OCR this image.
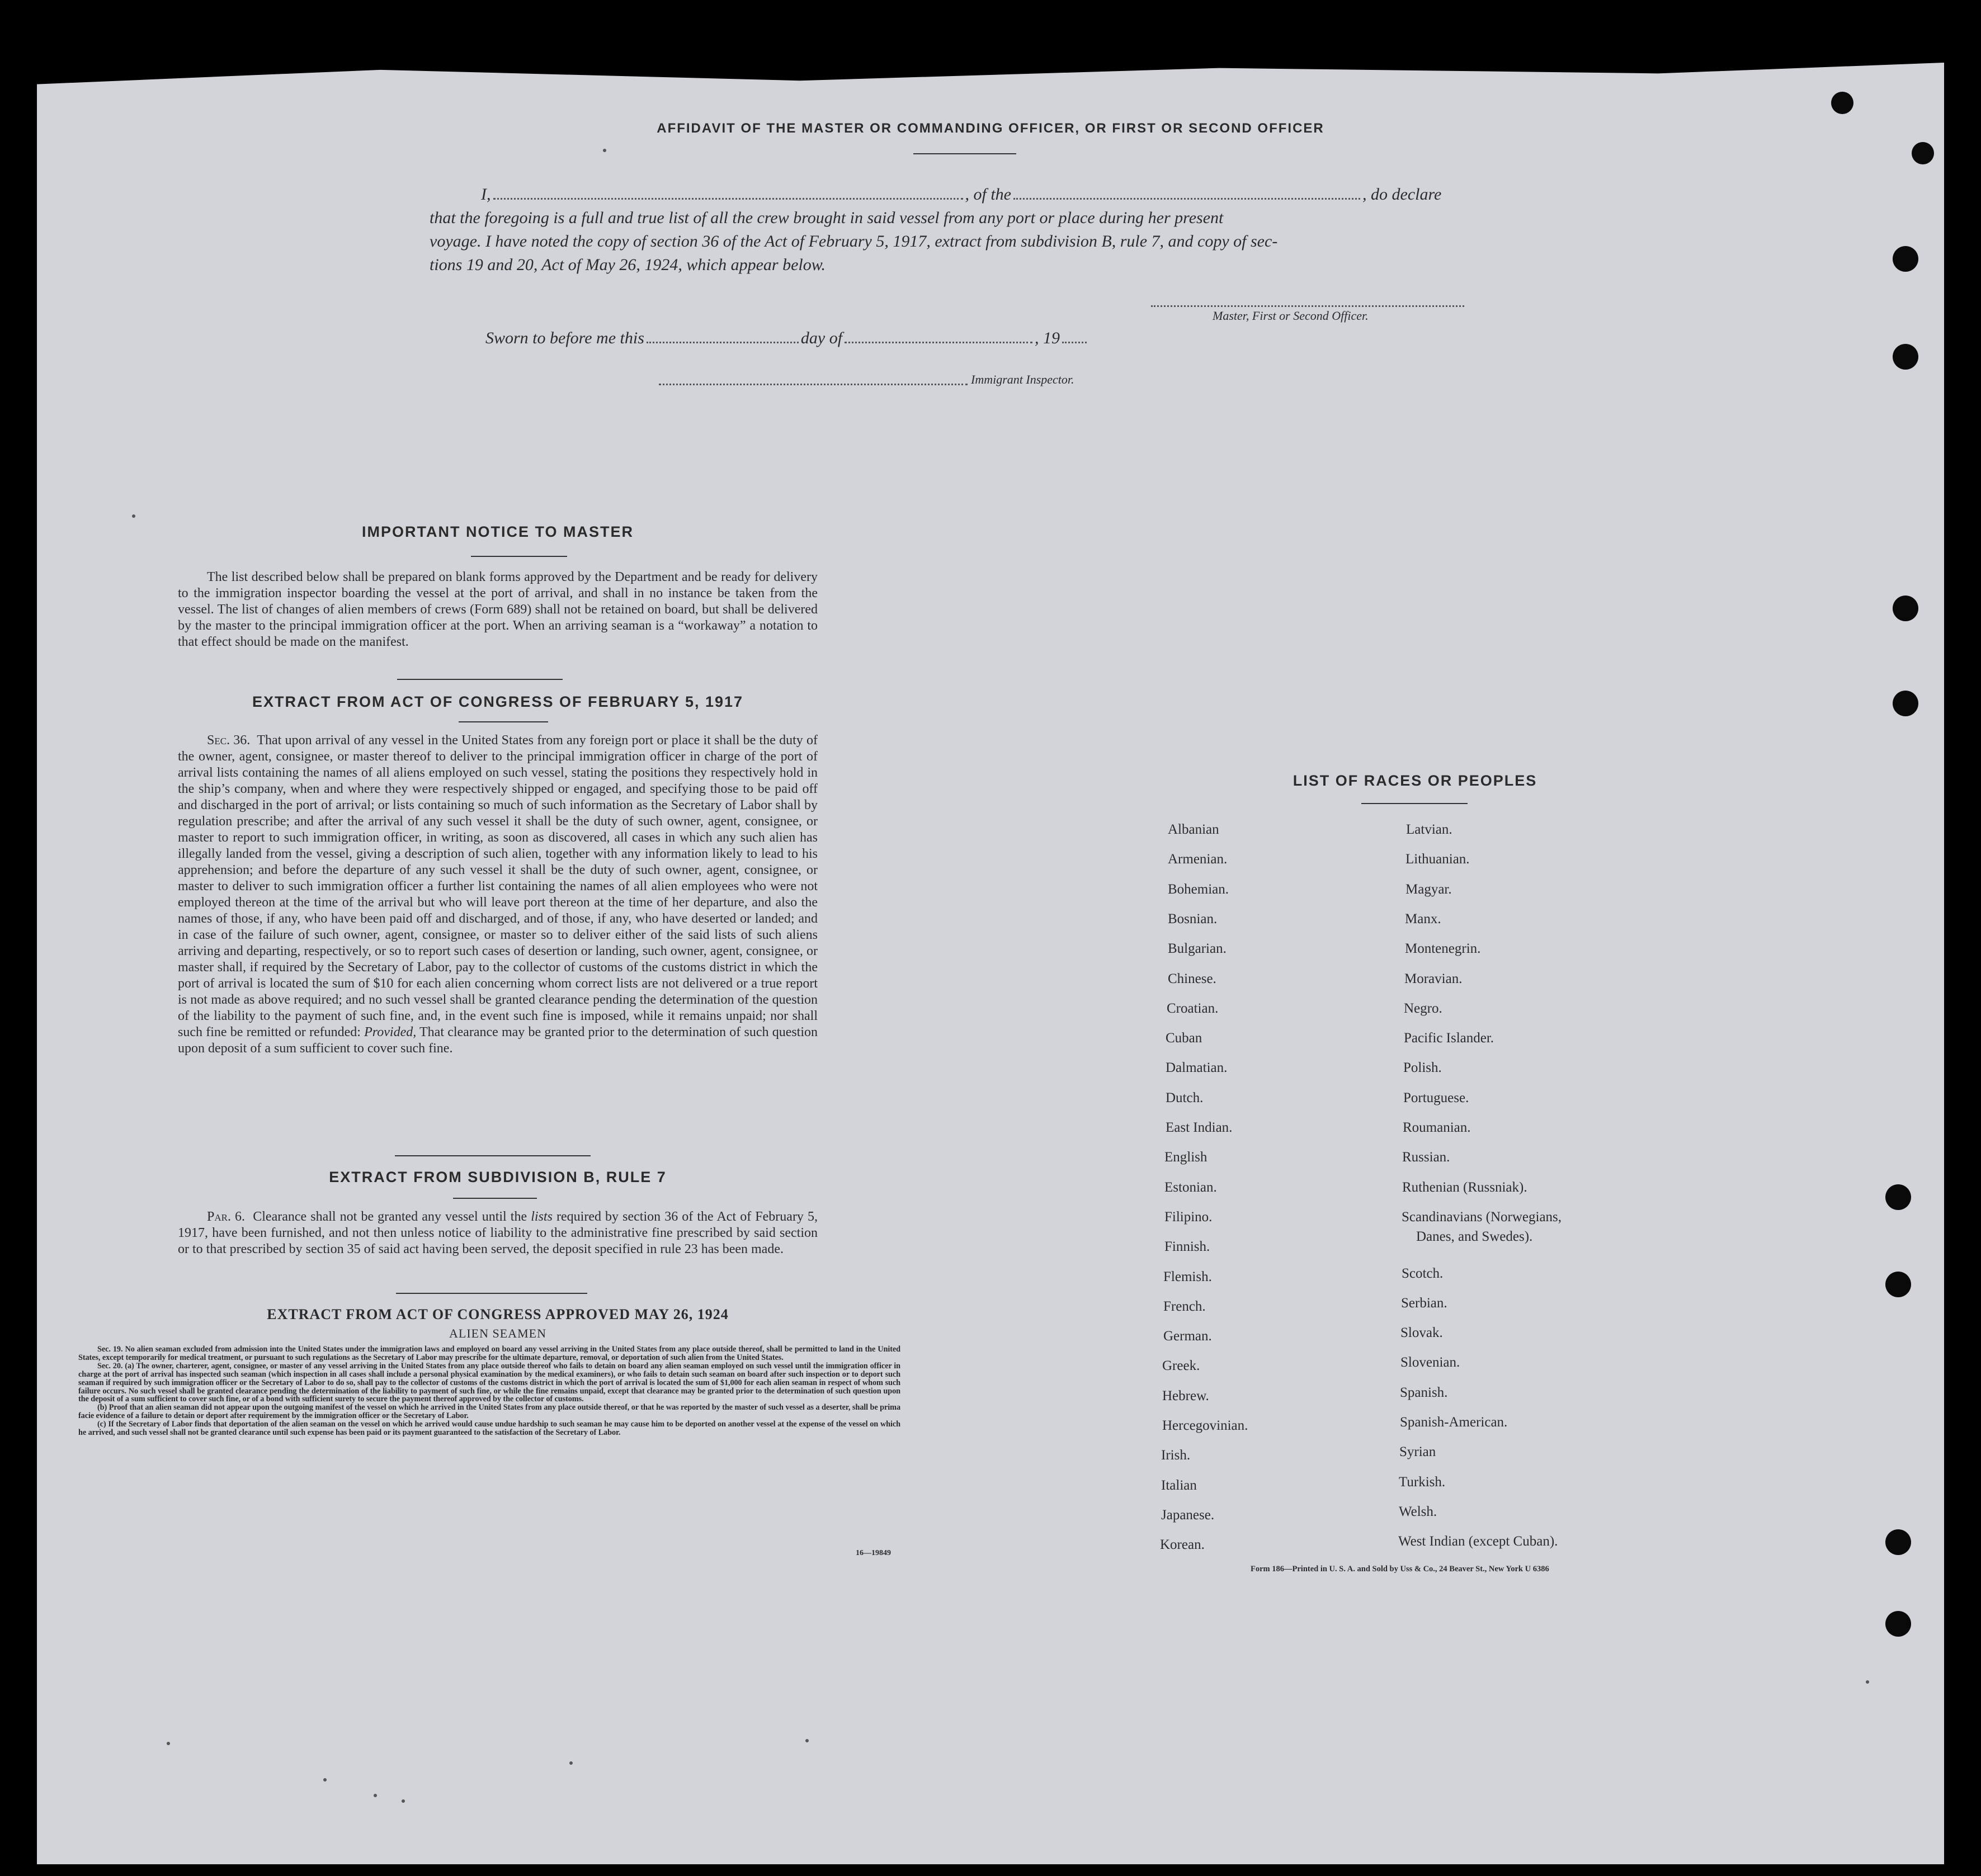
AFFIDAVIT OF THE MASTER OR COMMANDING OFFICER, OR FIRST OR SECOND OFFICER
I,	, of the	, do declare
that the foregoing is a full and true list of all the crew brought in said vessel from any port or place during her present
voyage. I have noted the copy of section 36 of the Act of February 5, 1917, extract from subdivision B, rule 7, and copy of sec-
tions 19 and 20, Act of May 26, 1924, which appear below.
Master, First or Second Officer.
Sworn to before me this	day of	, 19
Immigrant Inspector.
IMPORTANT NOTICE TO MASTER
The list described below shall be prepared on blank forms approved by the Department and be ready for delivery to the immigration inspector boarding the vessel at the port of arrival, and shall in no instance be taken from the vessel. The list of changes of alien members of crews (Form 689) shall not be retained on board, but shall be delivered by the master to the principal immigration officer at the port. When an arriving seaman is a “workaway” a notation to that effect should be made on the manifest.
EXTRACT FROM ACT OF CONGRESS OF FEBRUARY 5, 1917
Sec. 36. That upon arrival of any vessel in the United States from any foreign port or place it shall be the duty of the owner, agent, consignee, or master thereof to deliver to the principal immigration officer in charge of the port of arrival lists containing the names of all aliens employed on such vessel, stating the positions they respectively hold in the ship’s company, when and where they were respectively shipped or engaged, and specifying those to be paid off and discharged in the port of arrival; or lists containing so much of such information as the Secretary of Labor shall by regulation prescribe; and after the arrival of any such vessel it shall be the duty of such owner, agent, consignee, or master to report to such immigration officer, in writing, as soon as discovered, all cases in which any such alien has illegally landed from the vessel, giving a description of such alien, together with any information likely to lead to his apprehension; and before the departure of any such vessel it shall be the duty of such owner, agent, consignee, or master to deliver to such immigration officer a further list containing the names of all alien employees who were not employed thereon at the time of the arrival but who will leave port thereon at the time of her departure, and also the names of those, if any, who have been paid off and discharged, and of those, if any, who have deserted or landed; and in case of the failure of such owner, agent, consignee, or master so to deliver either of the said lists of such aliens arriving and departing, respectively, or so to report such cases of desertion or landing, such owner, agent, consignee, or master shall, if required by the Secretary of Labor, pay to the collector of customs of the customs district in which the port of arrival is located the sum of $10 for each alien concerning whom correct lists are not delivered or a true report is not made as above required; and no such vessel shall be granted clearance pending the determination of the question of the liability to the payment of such fine, and, in the event such fine is imposed, while it remains unpaid; nor shall such fine be remitted or refunded: Provided, That clearance may be granted prior to the determination of such question upon deposit of a sum sufficient to cover such fine.
EXTRACT FROM SUBDIVISION B, RULE 7
Par. 6. Clearance shall not be granted any vessel until the lists required by section 36 of the Act of February 5, 1917, have been furnished, and not then unless notice of liability to the administrative fine prescribed by said section or to that prescribed by section 35 of said act having been served, the deposit specified in rule 23 has been made.
EXTRACT FROM ACT OF CONGRESS APPROVED MAY 26, 1924
ALIEN SEAMEN
Sec. 19. No alien seaman excluded from admission into the United States under the immigration laws and employed on board any vessel arriving in the United States from any place outside thereof, shall be permitted to land in the United States, except temporarily for medical treatment, or pursuant to such regulations as the Secretary of Labor may prescribe for the ultimate departure, removal, or deportation of such alien from the United States.
Sec. 20. (a) The owner, charterer, agent, consignee, or master of any vessel arriving in the United States from any place outside thereof who fails to detain on board any alien seaman employed on such vessel until the immigration officer in charge at the port of arrival has inspected such seaman (which inspection in all cases shall include a personal physical examination by the medical examiners), or who fails to detain such seaman on board after such inspection or to deport such seaman if required by such immigration officer or the Secretary of Labor to do so, shall pay to the collector of customs of the customs district in which the port of arrival is located the sum of $1,000 for each alien seaman in respect of whom such failure occurs. No such vessel shall be granted clearance pending the determination of the liability to payment of such fine, or while the fine remains unpaid, except that clearance may be granted prior to the determination of such question upon the deposit of a sum sufficient to cover such fine, or of a bond with sufficient surety to secure the payment thereof approved by the collector of customs.
(b) Proof that an alien seaman did not appear upon the outgoing manifest of the vessel on which he arrived in the United States from any place outside thereof, or that he was reported by the master of such vessel as a deserter, shall be prima facie evidence of a failure to detain or deport after requirement by the immigration officer or the Secretary of Labor.
(c) If the Secretary of Labor finds that deportation of the alien seaman on the vessel on which he arrived would cause undue hardship to such seaman he may cause him to be deported on another vessel at the expense of the vessel on which he arrived, and such vessel shall not be granted clearance until such expense has been paid or its payment guaranteed to the satisfaction of the Secretary of Labor.
16—19849
LIST OF RACES OR PEOPLES
Albanian
Armenian.
Bohemian.
Bosnian.
Bulgarian.
Chinese.
Croatian.
Cuban
Dalmatian.
Dutch.
East Indian.
English
Estonian.
Filipino.
Finnish.
Flemish.
French.
German.
Greek.
Hebrew.
Hercegovinian.
Irish.
Italian
Japanese.
Korean.
Latvian.
Lithuanian.
Magyar.
Manx.
Montenegrin.
Moravian.
Negro.
Pacific Islander.
Polish.
Portuguese.
Roumanian.
Russian.
Ruthenian (Russniak).
Scandinavians (Norwegians,
Scotch.
Serbian.
Slovak.
Slovenian.
Spanish.
Spanish-American.
Syrian
Turkish.
Welsh.
West Indian (except Cuban).
Danes, and Swedes).
Form 186—Printed in U. S. A. and Sold by Uss & Co., 24 Beaver St., New York U 6386
